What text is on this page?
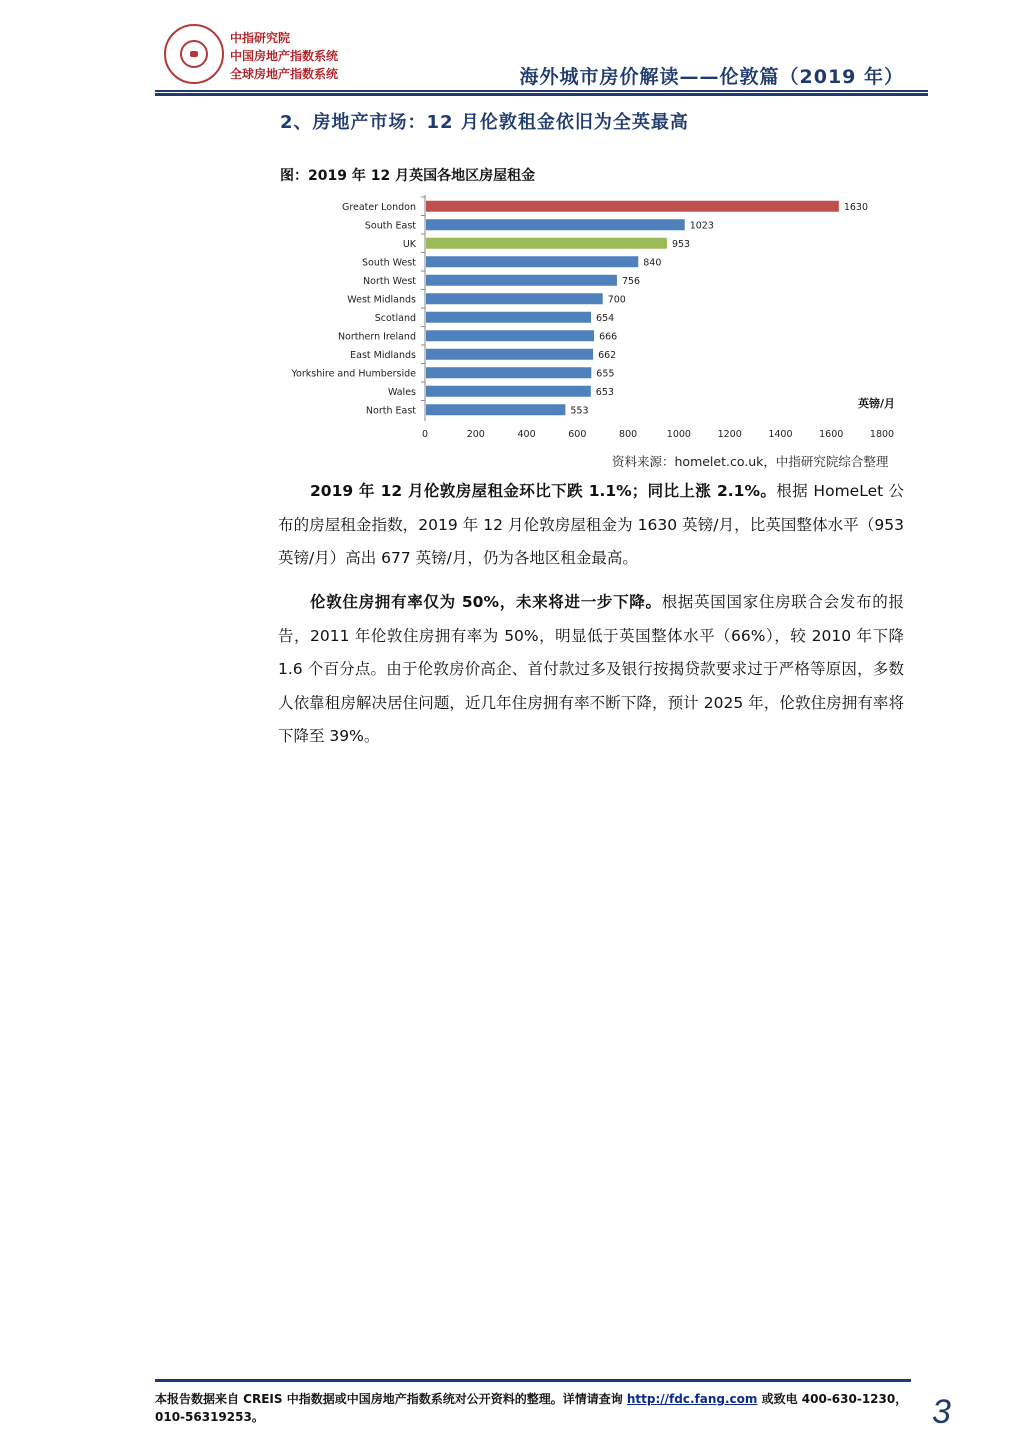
中指研究院
中国房地产指数系统
全球房地产指数系统	海外城市房价解读——伦敦篇（2019 年）
2、房地产市场：12 月伦敦租金依旧为全英最高
图：2019 年 12 月英国各地区房屋租金
Greater London	1630
South East	1023
UK	953
South West	840
North West	756
West Midlands	700
Scotland	654
Northern Ireland	666
East Midlands	662
Yorkshire and Humberside	655
Wales	653
North East	553
0	200	400	600	800	1000	1200	1400	1600	1800
英镑/月
资料来源：homelet.co.uk，中指研究院综合整理
2019 年 12 月伦敦房屋租金环比下跌 1.1%；同比上涨 2.1%。根据 HomeLet 公布的房屋租金指数，2019 年 12 月伦敦房屋租金为 1630 英镑/月，比英国整体水平（953 英镑/月）高出 677 英镑/月，仍为各地区租金最高。
伦敦住房拥有率仅为 50%，未来将进一步下降。根据英国国家住房联合会发布的报告，2011 年伦敦住房拥有率为 50%，明显低于英国整体水平（66%），较 2010 年下降 1.6 个百分点。由于伦敦房价高企、首付款过多及银行按揭贷款要求过于严格等原因，多数人依靠租房解决居住问题，近几年住房拥有率不断下降，预计 2025 年，伦敦住房拥有率将下降至 39%。
本报告数据来自 CREIS 中指数据或中国房地产指数系统对公开资料的整理。详情请查询 http://fdc.fang.com 或致电 400-630-1230，010-56319253。	3
